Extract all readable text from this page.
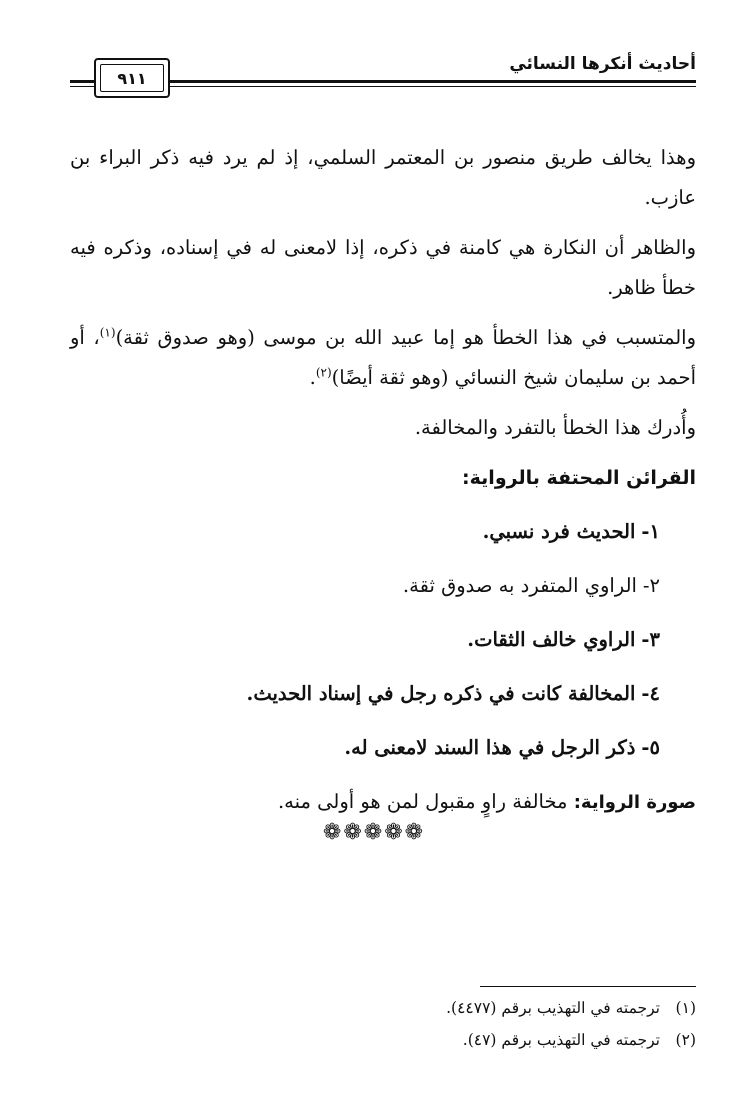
أحاديث أنكرها النسائي
٩١١

وهذا يخالف طريق منصور بن المعتمر السلمي، إذ لم يرد فيه ذكر البراء بن عازب.

والظاهر أن النكارة هي كامنة في ذكره، إذا لامعنى له في إسناده، وذكره فيه خطأ ظاهر.

والمتسبب في هذا الخطأ هو إما عبيد الله بن موسى (وهو صدوق ثقة)$^{(١)}$، أو أحمد بن سليمان شيخ النسائي (وهو ثقة أيضًا)$^{(٢)}$.

وأُدرك هذا الخطأ بالتفرد والمخالفة.

القرائن المحتفة بالرواية:
١-الحديث فرد نسبي.
٢-الراوي المتفرد به صدوق ثقة.
٣-الراوي خالف الثقات.
٤-المخالفة كانت في ذكره رجل في إسناد الحديث.
٥-ذكر الرجل في هذا السند لامعنى له.

صورة الرواية: مخالفة راوٍ مقبول لمن هو أولى منه.

❁❁❁❁❁
(١)ترجمته في التهذيب برقم (٤٤٧٧).
(٢)ترجمته في التهذيب برقم (٤٧).
